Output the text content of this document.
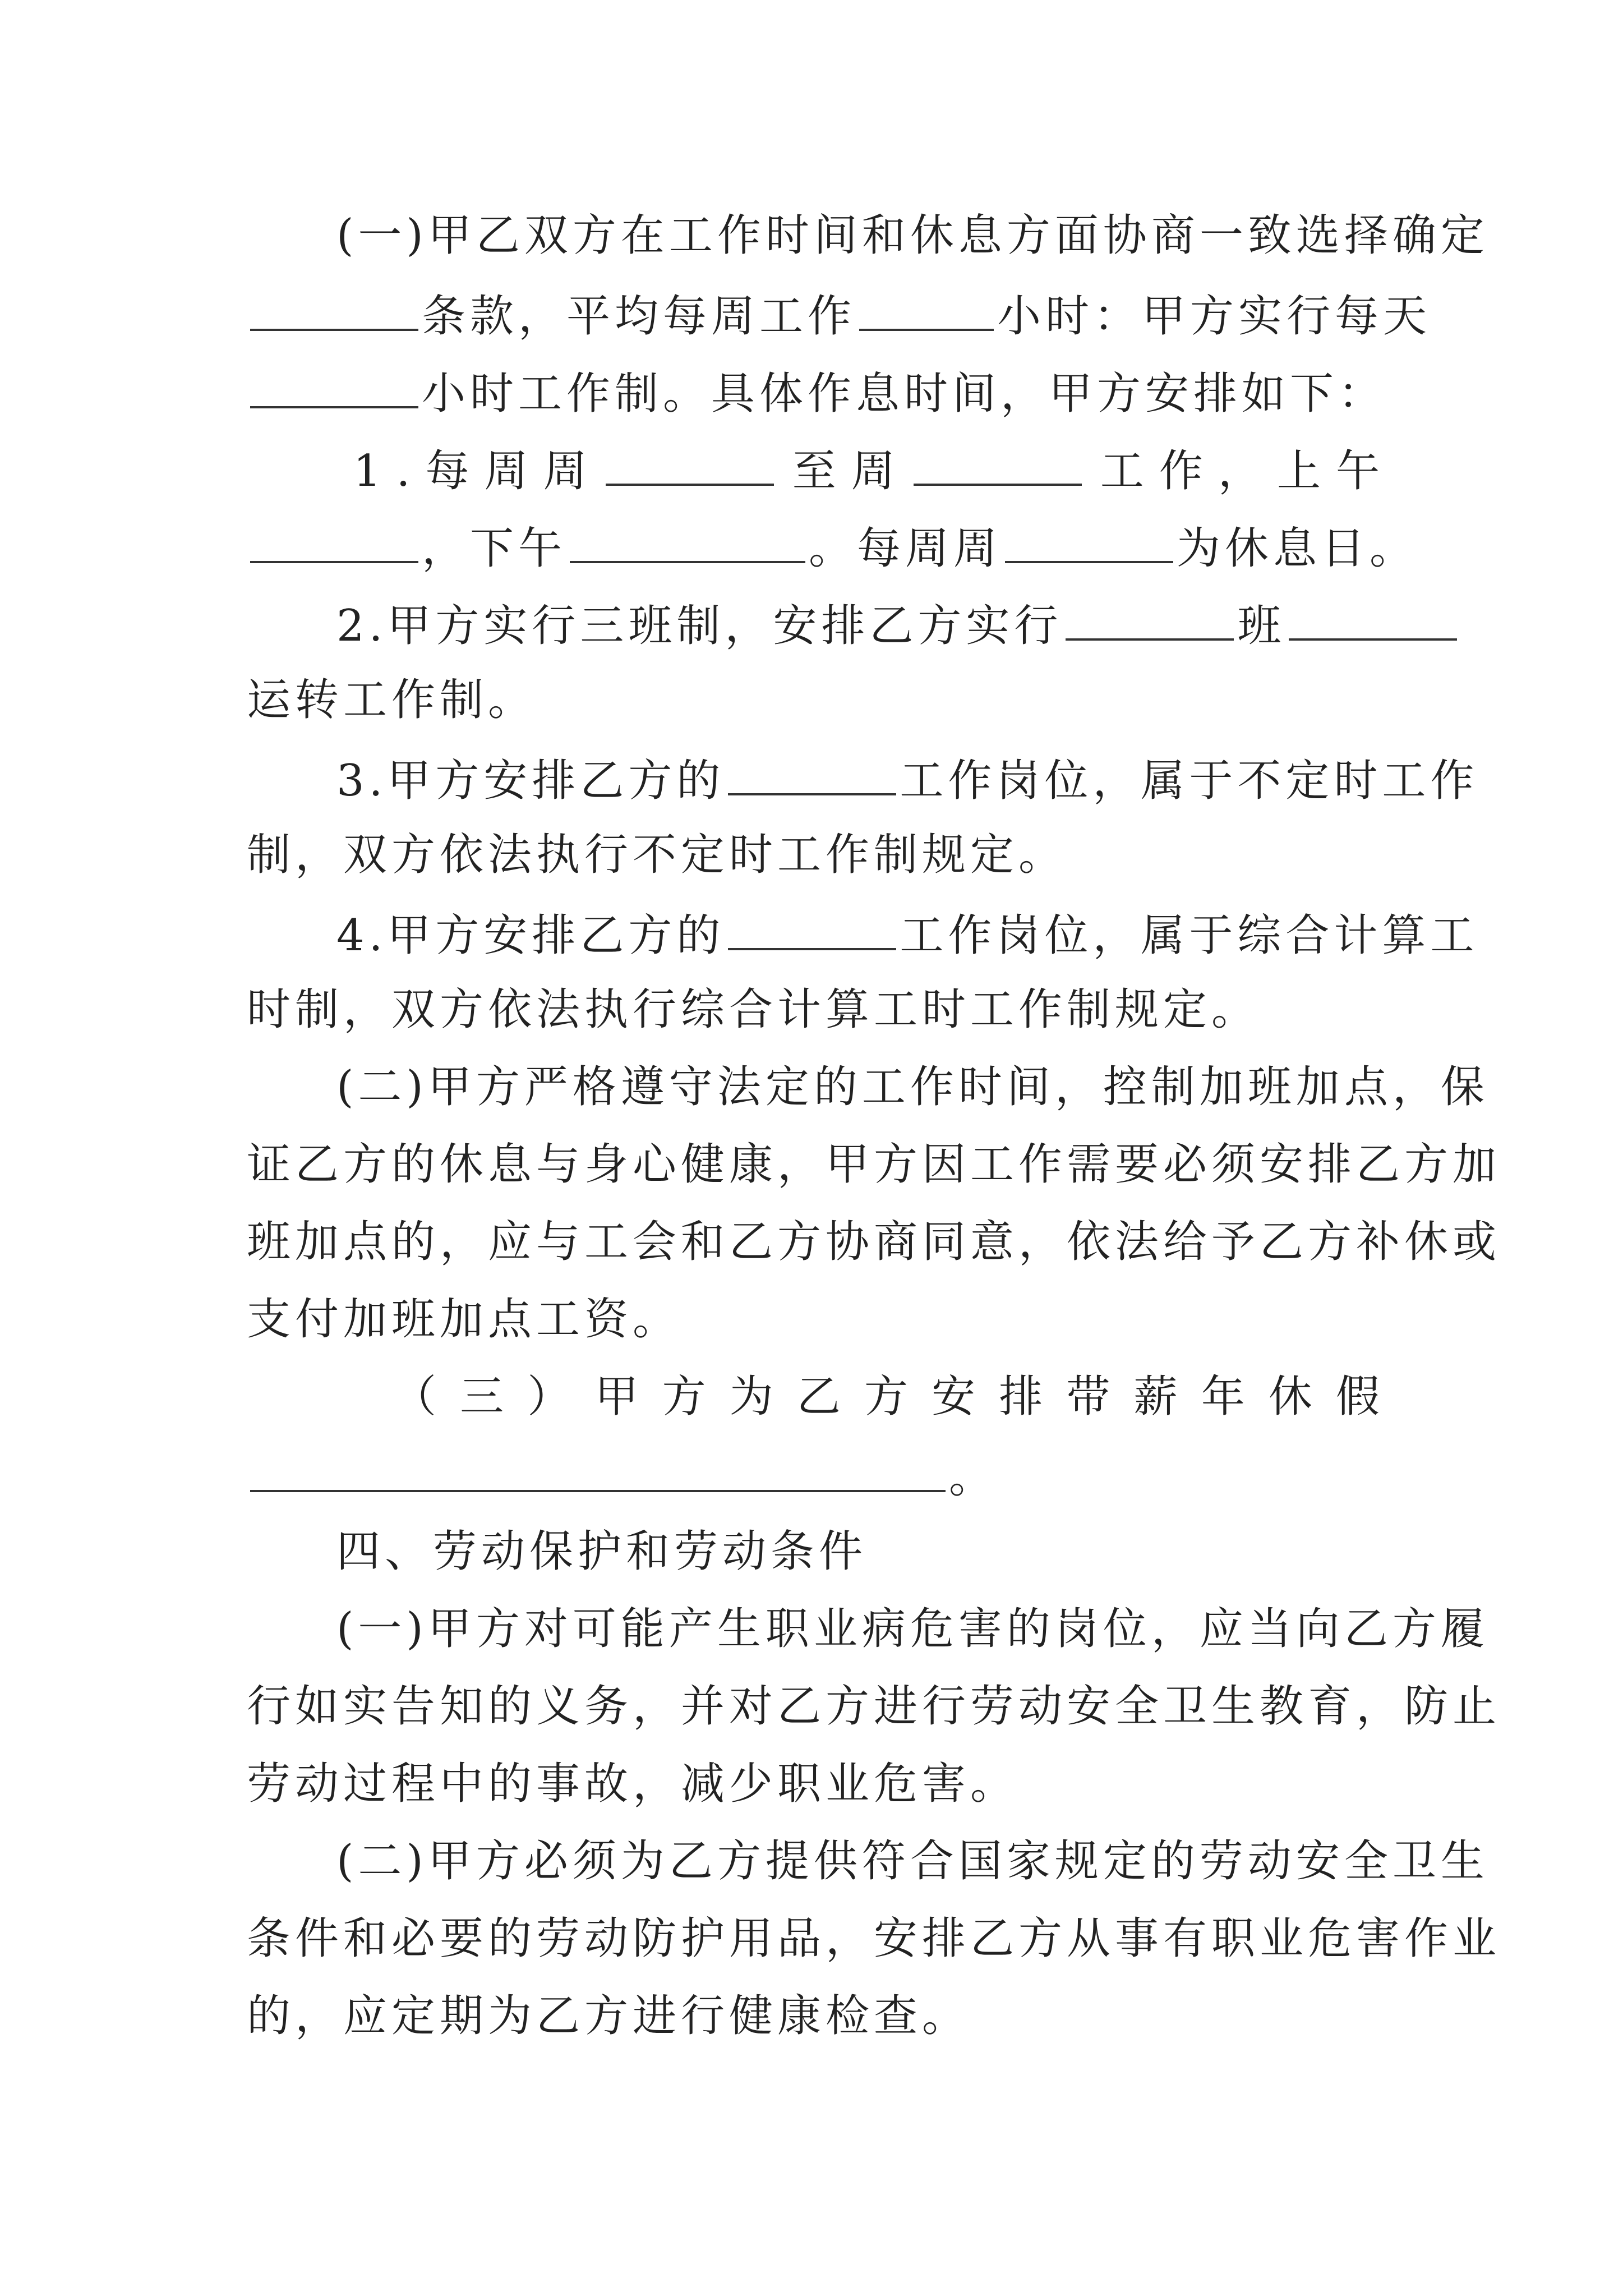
(一)甲乙双方在工作时间和休息方面协商一致选择确定
条款，平均每周工作	小时：甲方实行每天
小时工作制。具体作息时间，甲方安排如下：
1 . 每 周 周	至 周	工 作 ， 上 午
，下午	。每周周	为休息日。
2.甲方实行三班制，安排乙方实行	班
运转工作制。
3.甲方安排乙方的	工作岗位，属于不定时工作
制，双方依法执行不定时工作制规定。
4.甲方安排乙方的	工作岗位，属于综合计算工
时制，双方依法执行综合计算工时工作制规定。
(二)甲方严格遵守法定的工作时间，控制加班加点，保
证乙方的休息与身心健康，甲方因工作需要必须安排乙方加
班加点的，应与工会和乙方协商同意，依法给予乙方补休或
支付加班加点工资。
（ 三 ） 甲 方 为 乙 方 安 排 带 薪 年 休 假
。
四、劳动保护和劳动条件
(一)甲方对可能产生职业病危害的岗位，应当向乙方履
行如实告知的义务，并对乙方进行劳动安全卫生教育，防止
劳动过程中的事故，减少职业危害。
(二)甲方必须为乙方提供符合国家规定的劳动安全卫生
条件和必要的劳动防护用品，安排乙方从事有职业危害作业
的，应定期为乙方进行健康检查。
